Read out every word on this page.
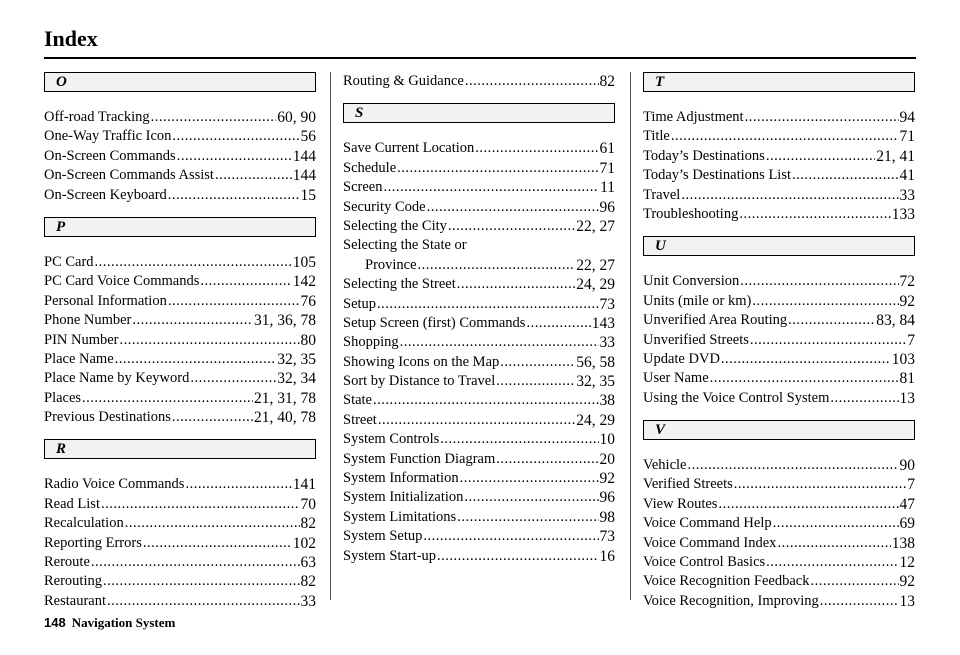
Index
O
Off-road Tracking .....	60, 90
One-Way Traffic Icon .....	56
On-Screen Commands .....	144
On-Screen Commands Assist .....	144
On-Screen Keyboard .....	15
P
PC Card .....	105
PC Card Voice Commands .....	142
Personal Information .....	76
Phone Number .....	31, 36, 78
PIN Number .....	80
Place Name .....	32, 35
Place Name by Keyword .....	32, 34
Places .....	21, 31, 78
Previous Destinations .....	21, 40, 78
R
Radio Voice Commands .....	141
Read List .....	70
Recalculation .....	82
Reporting Errors .....	102
Reroute .....	63
Rerouting .....	82
Restaurant .....	33
Routing & Guidance .....	82
S
Save Current Location .....	61
Schedule .....	71
Screen .....	11
Security Code .....	96
Selecting the City .....	22, 27
Selecting the State or
Province .....	22, 27
Selecting the Street .....	24, 29
Setup .....	73
Setup Screen (first) Commands .....	143
Shopping .....	33
Showing Icons on the Map .....	56, 58
Sort by Distance to Travel .....	32, 35
State .....	38
Street .....	24, 29
System Controls .....	10
System Function Diagram .....	20
System Information .....	92
System Initialization .....	96
System Limitations .....	98
System Setup .....	73
System Start-up .....	16
T
Time Adjustment .....	94
Title .....	71
Today’s Destinations .....	21, 41
Today’s Destinations List .....	41
Travel .....	33
Troubleshooting .....	133
U
Unit Conversion .....	72
Units (mile or km) .....	92
Unverified Area Routing .....	83, 84
Unverified Streets .....	7
Update DVD .....	103
User Name .....	81
Using the Voice Control System .....	13
V
Vehicle .....	90
Verified Streets .....	7
View Routes .....	47
Voice Command Help .....	69
Voice Command Index .....	138
Voice Control Basics .....	12
Voice Recognition Feedback .....	92
Voice Recognition, Improving .....	13
148 Navigation System
